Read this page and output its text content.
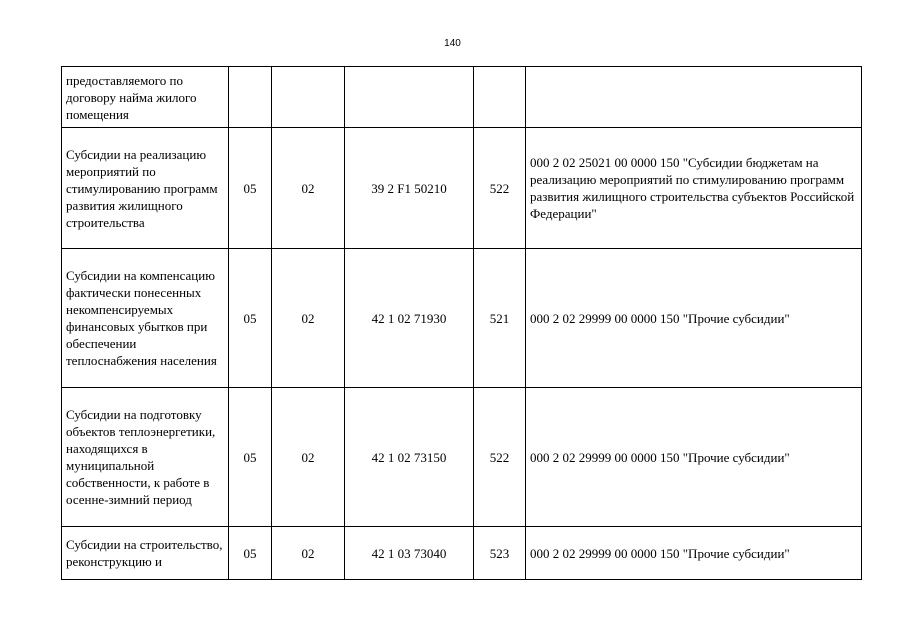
140
предоставляемого по договору найма жилого помещения					
Субсидии на реализацию мероприятий по стимулированию программ развития жилищного строительства	05	02	39 2 F1 50210	522	000 2 02 25021 00 0000 150 "Субсидии бюджетам на реализацию мероприятий по стимулированию программ развития жилищного строительства субъектов Российской Федерации"
Субсидии на компенсацию фактически понесенных некомпенсируемых финансовых убытков при обеспечении теплоснабжения населения	05	02	42 1 02 71930	521	000 2 02 29999 00 0000 150 "Прочие субсидии"
Субсидии на подготовку объектов теплоэнергетики, находящихся в муниципальной собственности, к работе в осенне-зимний период	05	02	42 1 02 73150	522	000 2 02 29999 00 0000 150 "Прочие субсидии"
Субсидии на строительство, реконструкцию и	05	02	42 1 03 73040	523	000 2 02 29999 00 0000 150 "Прочие субсидии"
